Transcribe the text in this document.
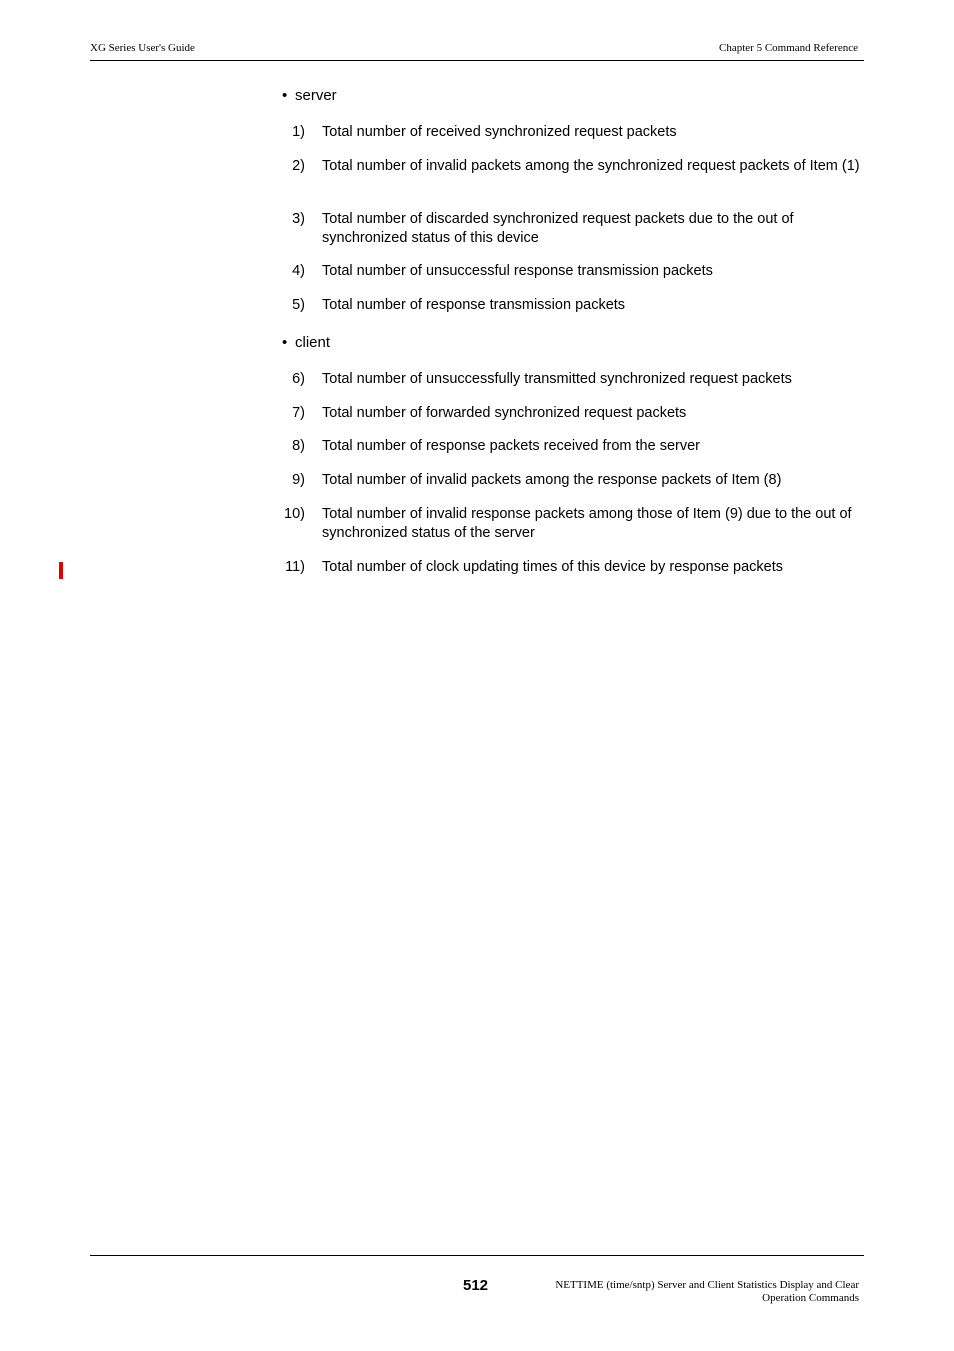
XG Series User's Guide	Chapter 5 Command Reference
• server
1) Total number of received synchronized request packets
2) Total number of invalid packets among the synchronized request packets of Item (1)
3) Total number of discarded synchronized request packets due to the out of synchronized status of this device
4) Total number of unsuccessful response transmission packets
5) Total number of response transmission packets
• client
6) Total number of unsuccessfully transmitted synchronized request packets
7) Total number of forwarded synchronized request packets
8) Total number of response packets received from the server
9) Total number of invalid packets among the response packets of Item (8)
10) Total number of invalid response packets among those of Item (9) due to the out of synchronized status of the server
11) Total number of clock updating times of this device by response packets
512	NETTIME (time/sntp) Server and Client Statistics Display and Clear
Operation Commands
